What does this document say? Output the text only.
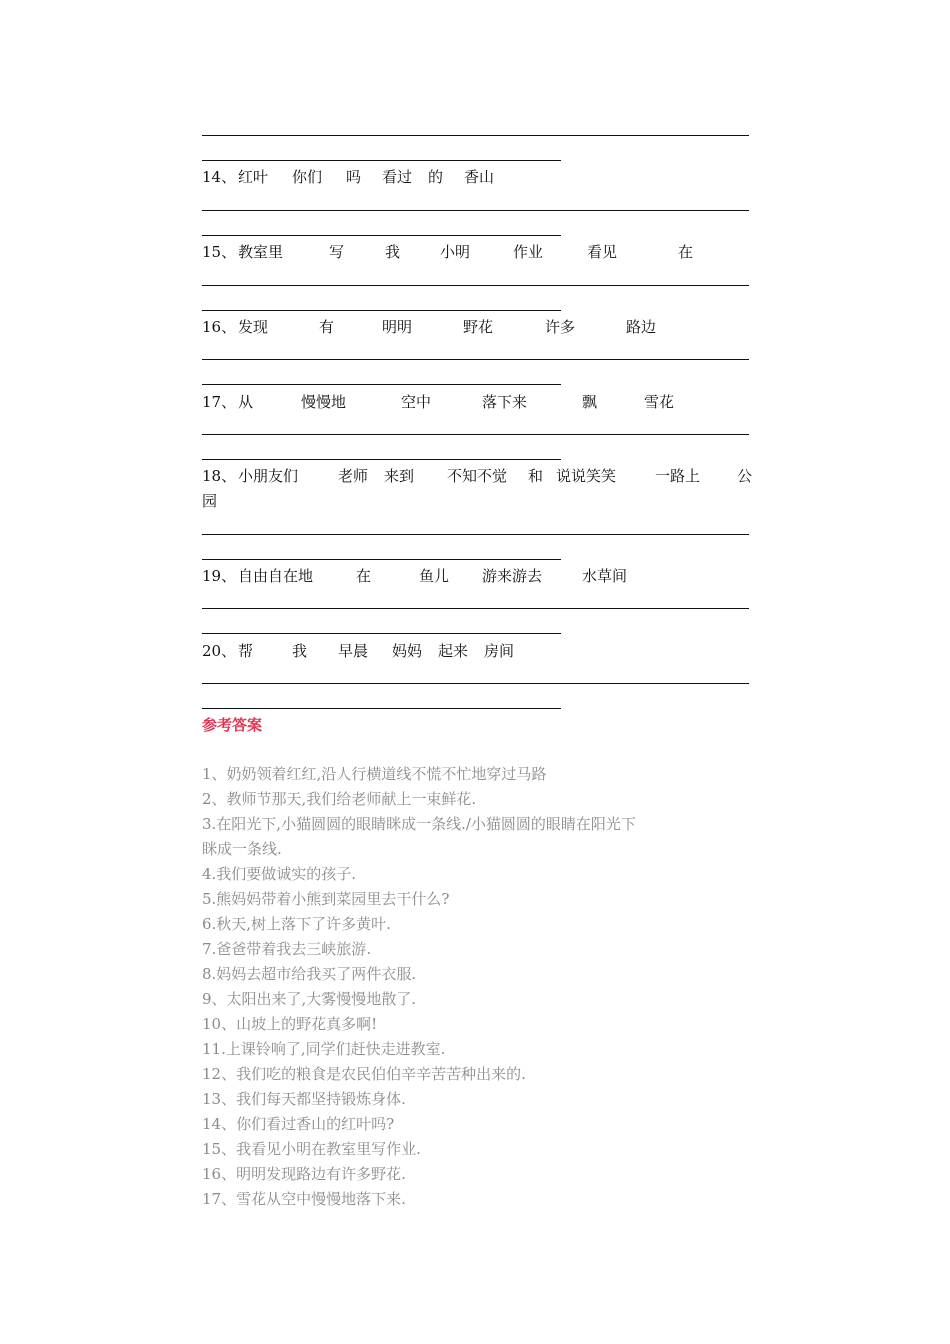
14、 红叶 你们 吗 看过 的 香山
15、 教室里	写	我	小明	作业	看见	在
16、 发现	有	明明	野花	许多	路边
17、 从	慢慢地	空中	落下来	飘	雪花
18、 小朋友们	老师 来到 不知不觉 和 说说笑笑	一路上 公
园
19、 自由自在地	在	鱼儿 游来游去	水草间
20、 帮	我 早晨 妈妈 起来 房间
参考答案
1、奶奶领着红红,沿人行横道线不慌不忙地穿过马路
2、教师节那天,我们给老师献上一束鲜花.
3.在阳光下,小猫圆圆的眼睛眯成一条线./小猫圆圆的眼睛在阳光下
眯成一条线.
4.我们要做诚实的孩子.
5.熊妈妈带着小熊到菜园里去干什么?
6.秋天,树上落下了许多黄叶.
7.爸爸带着我去三峡旅游.
8.妈妈去超市给我买了两件衣服.
9、太阳出来了,大雾慢慢地散了.
10、山坡上的野花真多啊!
11.上课铃响了,同学们赶快走进教室.
12、我们吃的粮食是农民伯伯辛辛苦苦种出来的.
13、我们每天都坚持锻炼身体.
14、你们看过香山的红叶吗?
15、我看见小明在教室里写作业.
16、明明发现路边有许多野花.
17、雪花从空中慢慢地落下来.
